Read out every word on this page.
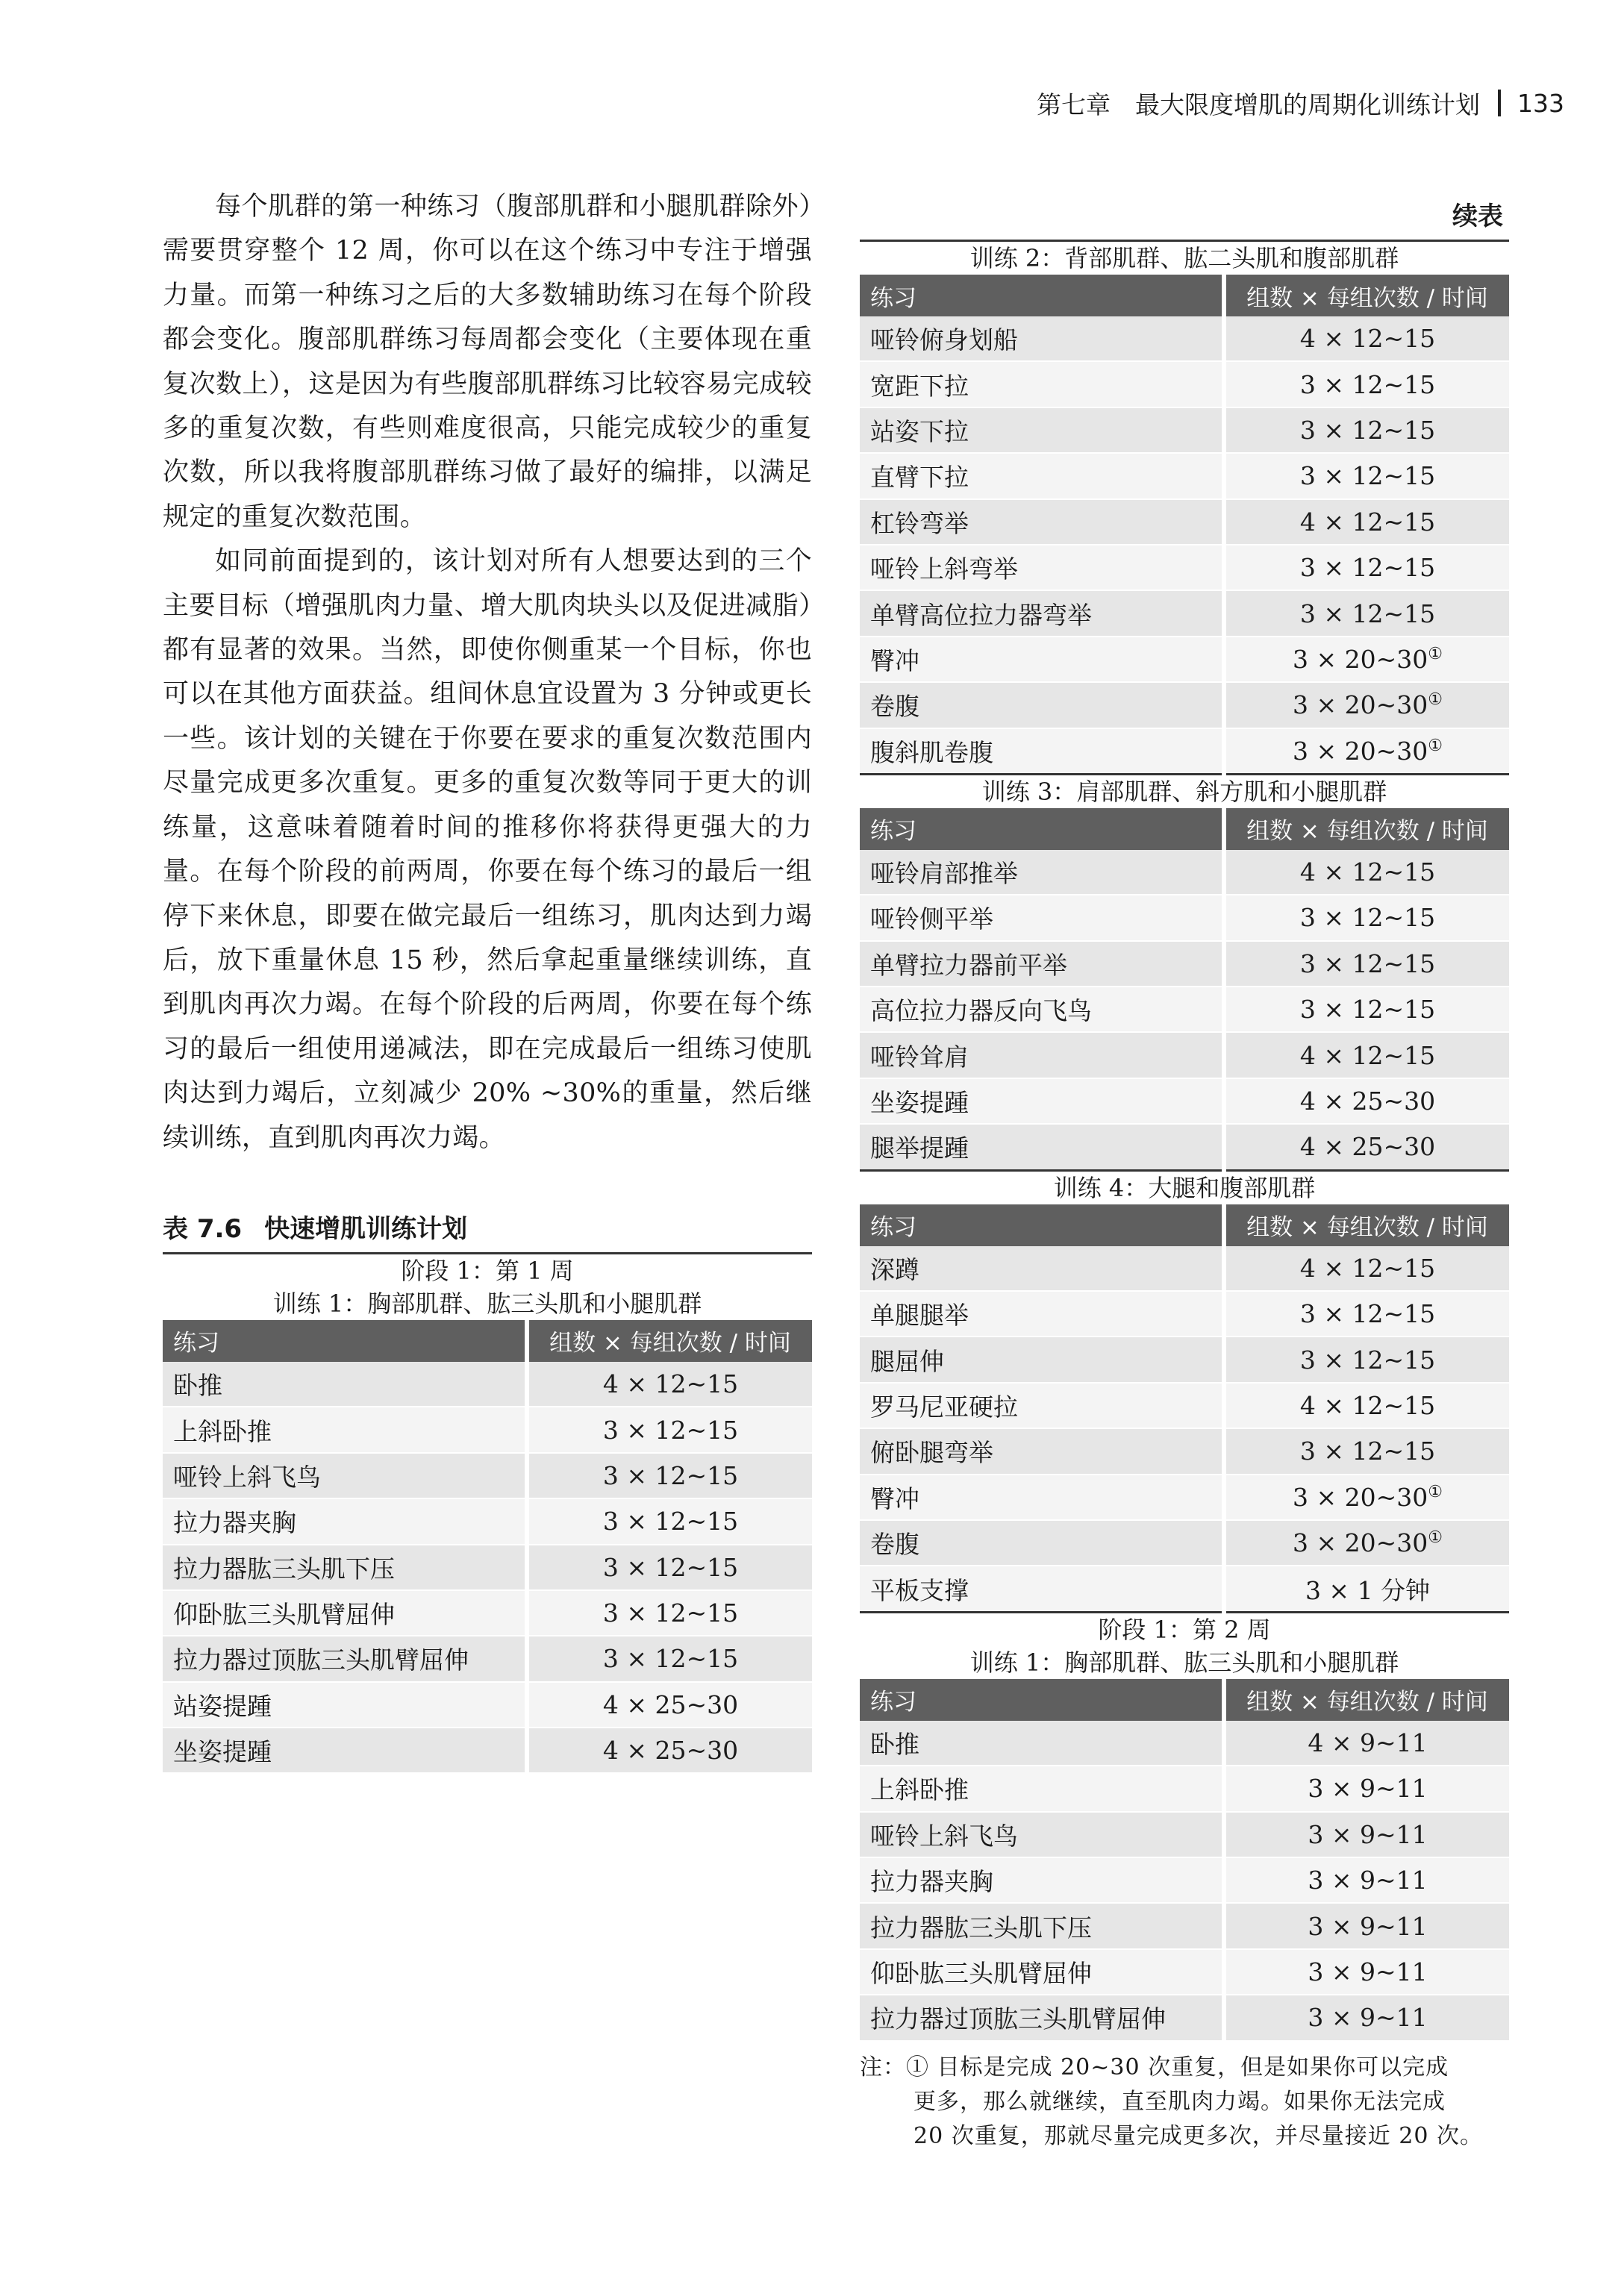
第七章　最大限度增肌的周期化训练计划 133

每个肌群的第一种练习（腹部肌群和小腿肌群除外）需要贯穿整个 12 周，你可以在这个练习中专注于增强力量。而第一种练习之后的大多数辅助练习在每个阶段都会变化。腹部肌群练习每周都会变化（主要体现在重复次数上），这是因为有些腹部肌群练习比较容易完成较多的重复次数，有些则难度很高，只能完成较少的重复次数，所以我将腹部肌群练习做了最好的编排，以满足规定的重复次数范围。

如同前面提到的，该计划对所有人想要达到的三个主要目标（增强肌肉力量、增大肌肉块头以及促进减脂）都有显著的效果。当然，即使你侧重某一个目标，你也可以在其他方面获益。组间休息宜设置为 3 分钟或更长一些。该计划的关键在于你要在要求的重复次数范围内尽量完成更多次重复。更多的重复次数等同于更大的训练量，这意味着随着时间的推移你将获得更强大的力量。在每个阶段的前两周，你要在每个练习的最后一组停下来休息，即要在做完最后一组练习，肌肉达到力竭后，放下重量休息 15 秒，然后拿起重量继续训练，直到肌肉再次力竭。在每个阶段的后两周，你要在每个练习的最后一组使用递减法，即在完成最后一组练习使肌肉达到力竭后，立刻减少 20% ~30%的重量，然后继续训练，直到肌肉再次力竭。

表 7.6 快速增肌训练计划
阶段 1：第 1 周
训练 1：胸部肌群、肱三头肌和小腿肌群
练习	组数 × 每组次数 / 时间
卧推	4 × 12~15
上斜卧推	3 × 12~15
哑铃上斜飞鸟	3 × 12~15
拉力器夹胸	3 × 12~15
拉力器肱三头肌下压	3 × 12~15
仰卧肱三头肌臂屈伸	3 × 12~15
拉力器过顶肱三头肌臂屈伸	3 × 12~15
站姿提踵	4 × 25~30
坐姿提踵	4 × 25~30
续表
训练 2：背部肌群、肱二头肌和腹部肌群
练习	组数 × 每组次数 / 时间
哑铃俯身划船	4 × 12~15
宽距下拉	3 × 12~15
站姿下拉	3 × 12~15
直臂下拉	3 × 12~15
杠铃弯举	4 × 12~15
哑铃上斜弯举	3 × 12~15
单臂高位拉力器弯举	3 × 12~15
臀冲	3 × 20~30①
卷腹	3 × 20~30①
腹斜肌卷腹	3 × 20~30①
训练 3：肩部肌群、斜方肌和小腿肌群
练习	组数 × 每组次数 / 时间
哑铃肩部推举	4 × 12~15
哑铃侧平举	3 × 12~15
单臂拉力器前平举	3 × 12~15
高位拉力器反向飞鸟	3 × 12~15
哑铃耸肩	4 × 12~15
坐姿提踵	4 × 25~30
腿举提踵	4 × 25~30
训练 4：大腿和腹部肌群
练习	组数 × 每组次数 / 时间
深蹲	4 × 12~15
单腿腿举	3 × 12~15
腿屈伸	3 × 12~15
罗马尼亚硬拉	4 × 12~15
俯卧腿弯举	3 × 12~15
臀冲	3 × 20~30①
卷腹	3 × 20~30①
平板支撑	3 × 1 分钟
阶段 1：第 2 周
训练 1：胸部肌群、肱三头肌和小腿肌群
练习	组数 × 每组次数 / 时间
卧推	4 × 9~11
上斜卧推	3 × 9~11
哑铃上斜飞鸟	3 × 9~11
拉力器夹胸	3 × 9~11
拉力器肱三头肌下压	3 × 9~11
仰卧肱三头肌臂屈伸	3 × 9~11
拉力器过顶肱三头肌臂屈伸	3 × 9~11
注：① 目标是完成 20~30 次重复，但是如果你可以完成
更多，那么就继续，直至肌肉力竭。如果你无法完成
20 次重复，那就尽量完成更多次，并尽量接近 20 次。
